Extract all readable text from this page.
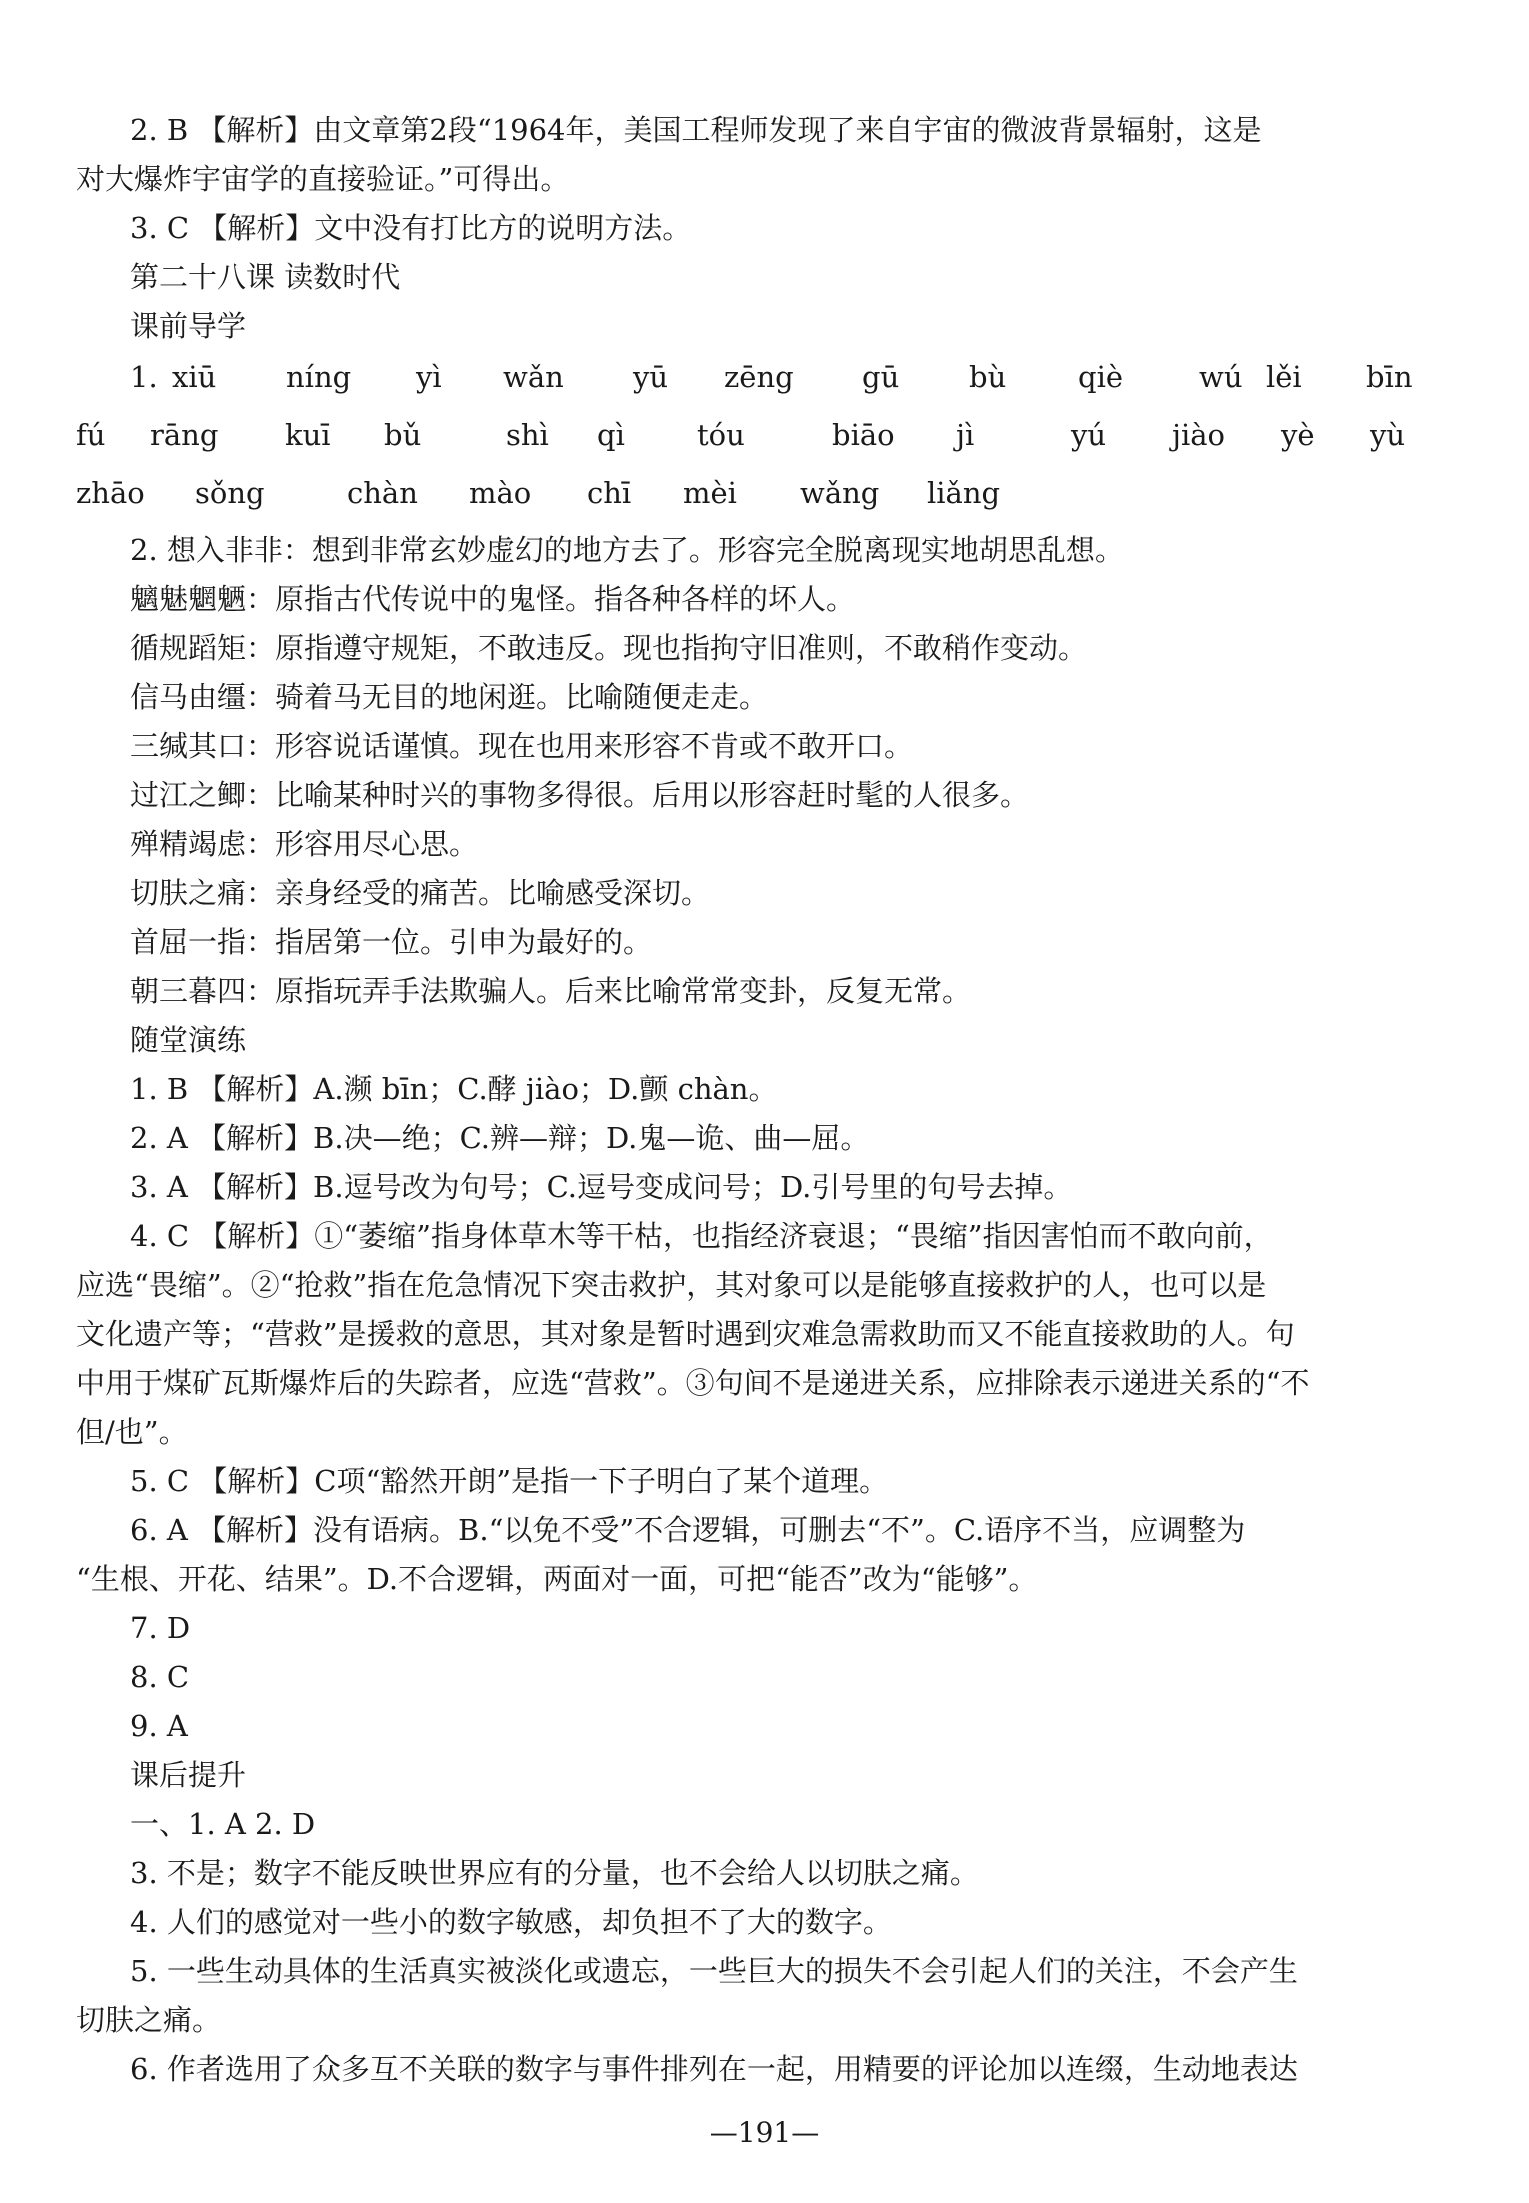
2. B 【解析】由文章第2段“1964年，美国工程师发现了来自宇宙的微波背景辐射，这是
对大爆炸宇宙学的直接验证。”可得出。
3. C 【解析】文中没有打比方的说明方法。
第二十八课 读数时代
课前导学
1. xiū níng yì wǎn yū zēng gū bù qiè	wú lěi bīn
fú rāng kuī bǔ	shì qì tóu	biāo jì	yú jiào yè yù
zhāo sǒng	chàn mào chī mèi wǎng liǎng
2. 想入非非：想到非常玄妙虚幻的地方去了。形容完全脱离现实地胡思乱想。
魑魅魍魉：原指古代传说中的鬼怪。指各种各样的坏人。
循规蹈矩：原指遵守规矩，不敢违反。现也指拘守旧准则，不敢稍作变动。
信马由缰：骑着马无目的地闲逛。比喻随便走走。
三缄其口：形容说话谨慎。现在也用来形容不肯或不敢开口。
过江之鲫：比喻某种时兴的事物多得很。后用以形容赶时髦的人很多。
殚精竭虑：形容用尽心思。
切肤之痛：亲身经受的痛苦。比喻感受深切。
首屈一指：指居第一位。引申为最好的。
朝三暮四：原指玩弄手法欺骗人。后来比喻常常变卦，反复无常。
随堂演练
1. B 【解析】A.濒 bīn；C.酵 jiào；D.颤 chàn。
2. A 【解析】B.决—绝；C.辨—辩；D.鬼—诡、曲—屈。
3. A 【解析】B.逗号改为句号；C.逗号变成问号；D.引号里的句号去掉。
4. C 【解析】①“萎缩”指身体草木等干枯，也指经济衰退；“畏缩”指因害怕而不敢向前，
应选“畏缩”。②“抢救”指在危急情况下突击救护，其对象可以是能够直接救护的人，也可以是
文化遗产等；“营救”是援救的意思，其对象是暂时遇到灾难急需救助而又不能直接救助的人。句
中用于煤矿瓦斯爆炸后的失踪者，应选“营救”。③句间不是递进关系，应排除表示递进关系的“不
但/也”。
5. C 【解析】C项“豁然开朗”是指一下子明白了某个道理。
6. A 【解析】没有语病。B.“以免不受”不合逻辑，可删去“不”。C.语序不当，应调整为
“生根、开花、结果”。D.不合逻辑，两面对一面，可把“能否”改为“能够”。
7. D
8. C
9. A
课后提升
一、1. A 2. D
3. 不是；数字不能反映世界应有的分量，也不会给人以切肤之痛。
4. 人们的感觉对一些小的数字敏感，却负担不了大的数字。
5. 一些生动具体的生活真实被淡化或遗忘，一些巨大的损失不会引起人们的关注，不会产生
切肤之痛。
6. 作者选用了众多互不关联的数字与事件排列在一起，用精要的评论加以连缀，生动地表达
—191—
